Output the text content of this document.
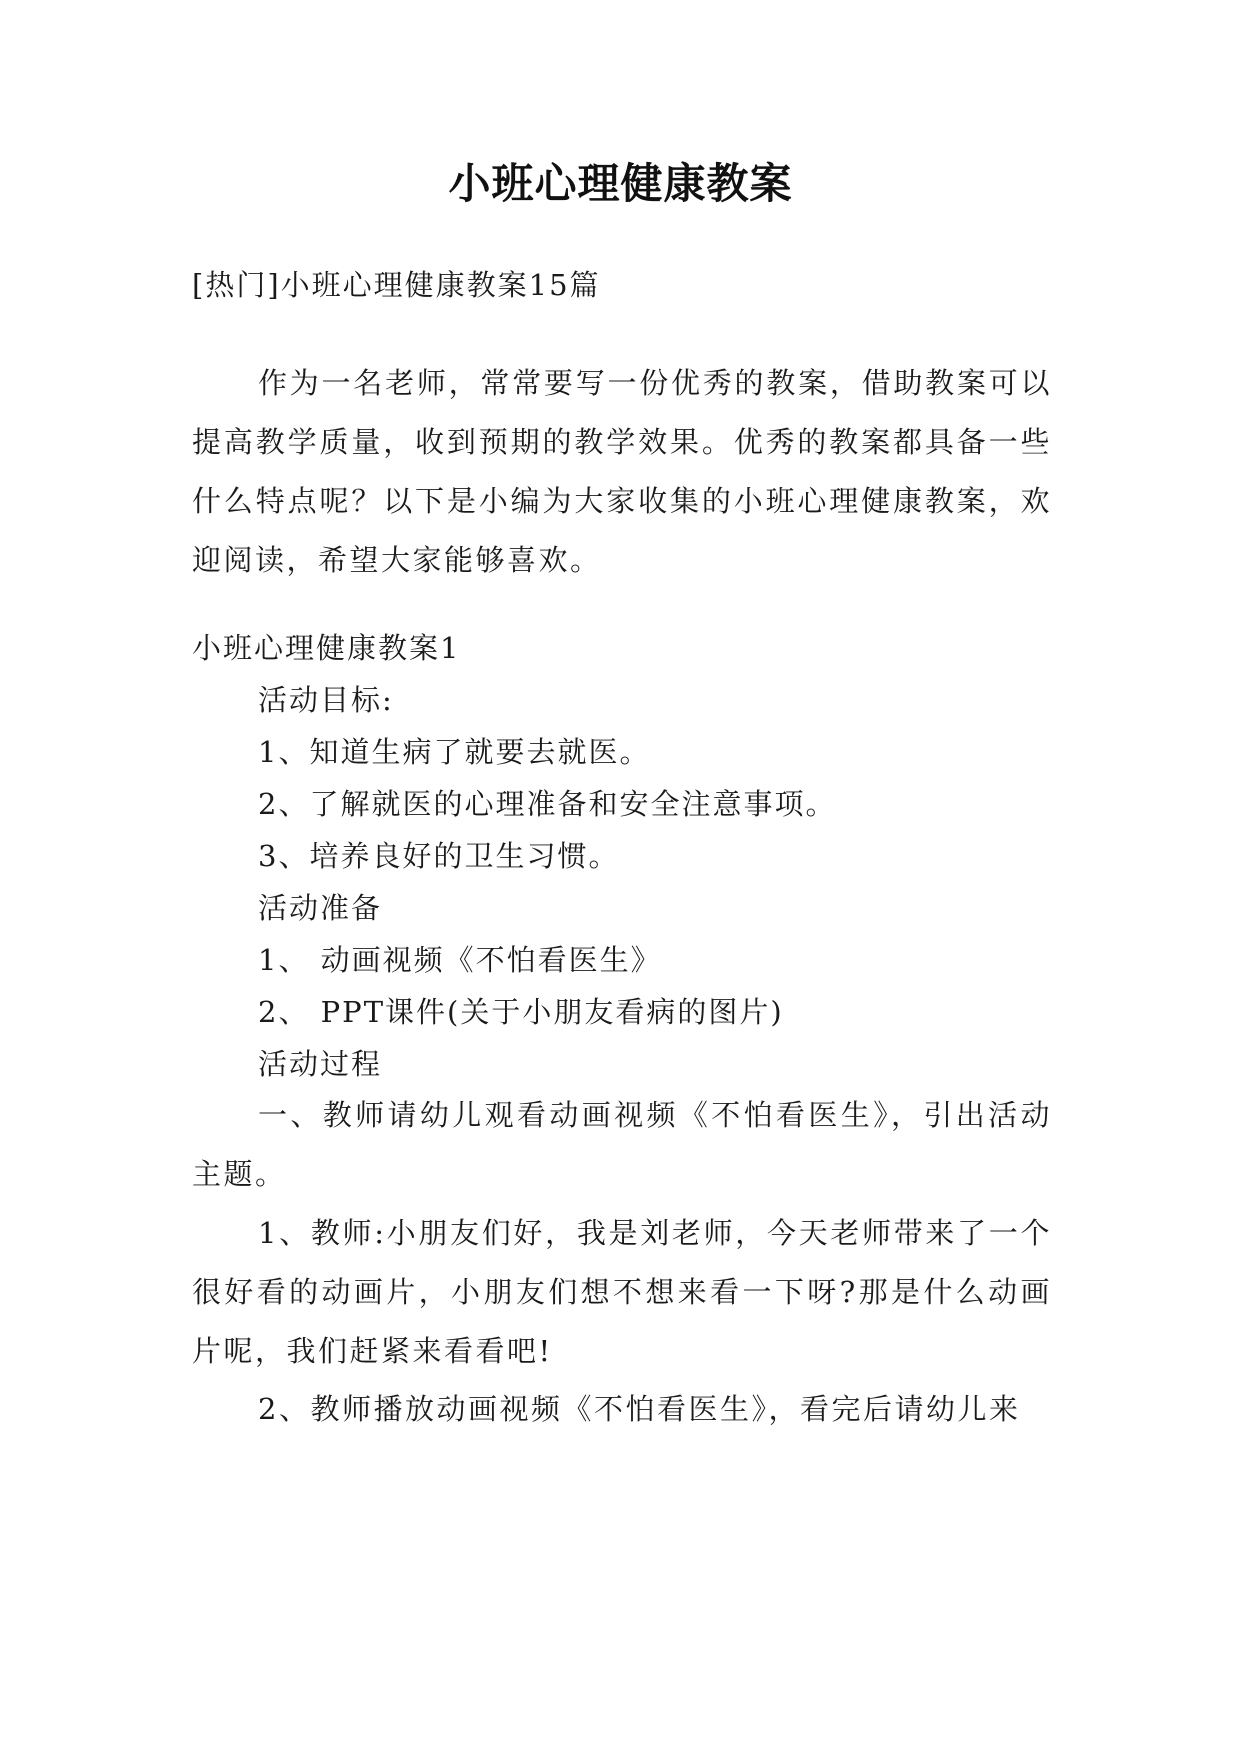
小班心理健康教案
[热门]小班心理健康教案15篇
作为一名老师，常常要写一份优秀的教案，借助教案可以提高教学质量，收到预期的教学效果。优秀的教案都具备一些什么特点呢？以下是小编为大家收集的小班心理健康教案，欢迎阅读，希望大家能够喜欢。
小班心理健康教案1
活动目标:
1、知道生病了就要去就医。
2、了解就医的心理准备和安全注意事项。
3、培养良好的卫生习惯。
活动准备
1、 动画视频《不怕看医生》
2、 PPT课件(关于小朋友看病的图片)
活动过程
一、教师请幼儿观看动画视频《不怕看医生》，引出活动主题。
1、教师:小朋友们好，我是刘老师，今天老师带来了一个很好看的动画片，小朋友们想不想来看一下呀?那是什么动画片呢，我们赶紧来看看吧!
2、教师播放动画视频《不怕看医生》，看完后请幼儿来
